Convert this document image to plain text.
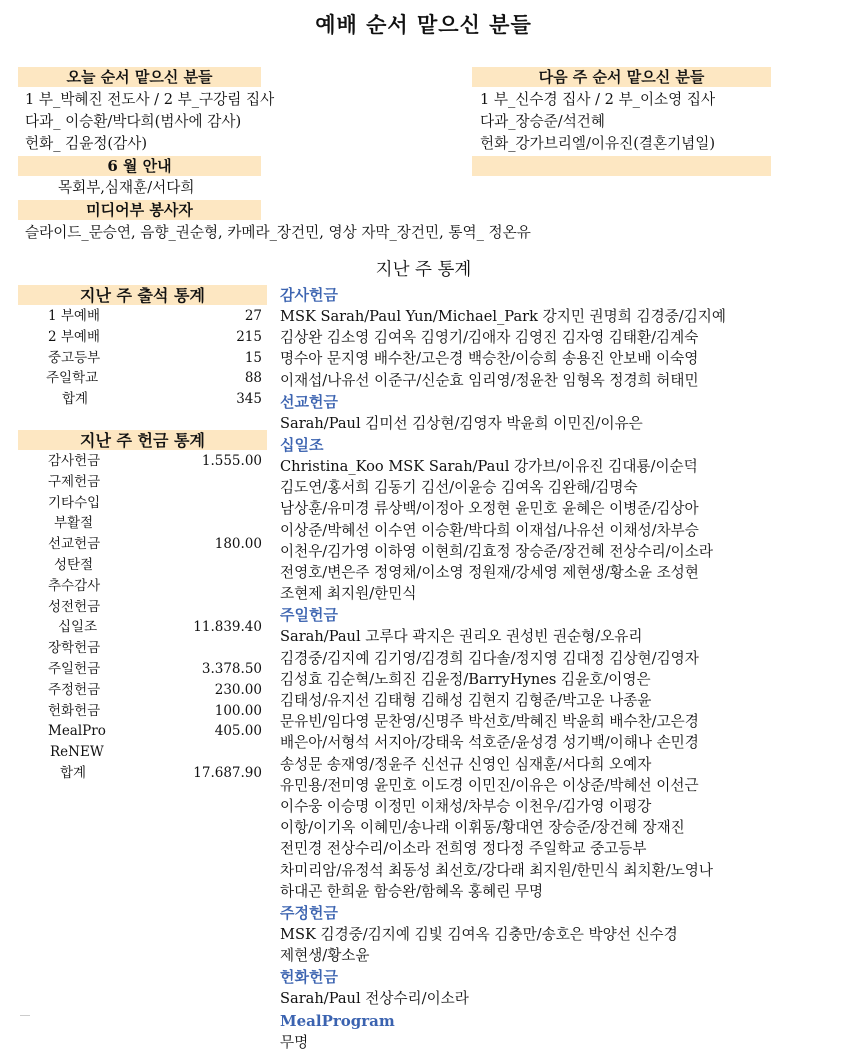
예배 순서 맡으신 분들
오늘 순서 맡으신 분들
1 부_박혜진 전도사 / 2 부_구강림 집사
다과_ 이승환/박다희(범사에 감사)
헌화_ 김윤정(감사)
다음 주 순서 맡으신 분들
1 부_신수경 집사 / 2 부_이소영 집사
다과_장승준/석건혜
헌화_강가브리엘/이유진(결혼기념일)
6 월 안내
목회부,심재훈/서다희
미디어부 봉사자
슬라이드_문승연, 음향_권순형, 카메라_장건민, 영상 자막_장건민, 통역_ 정온유
지난 주 통계
지난 주 출석 통계
1 부예배	27
2 부예배	215
중고등부	15
주일학교	88
합계	345
지난 주 헌금 통계
감사헌금	1.555.00
구제헌금
기타수입
부활절
선교헌금	180.00
성탄절
추수감사
성전헌금
십일조	11.839.40
장학헌금
주일헌금	3.378.50
주정헌금	230.00
헌화헌금	100.00
MealPro	405.00
ReNEW
합계	17.687.90
감사헌금
MSK Sarah/Paul Yun/Michael_Park 강지민 권명희 김경중/김지예
김상완 김소영 김여옥 김영기/김애자 김영진 김자영 김태환/김계숙
명수아 문지영 배수찬/고은경 백승찬/이승희 송용진 안보배 이숙영
이재섭/나유선 이준구/신순효 임리영/정윤찬 임형옥 정경희 허태민
선교헌금
Sarah/Paul 김미선 김상현/김영자 박윤희 이민진/이유은
십일조
Christina_Koo MSK Sarah/Paul 강가브/이유진 김대룡/이순덕
김도연/홍서희 김동기 김선/이윤승 김여옥 김완해/김명숙
남상훈/유미경 류상백/이정아 오정현 윤민호 윤혜은 이병준/김상아
이상준/박혜선 이수연 이승환/박다희 이재섭/나유선 이채성/차부승
이천우/김가영 이하영 이현희/김효정 장승준/장건혜 전상수리/이소라
전영호/변은주 정영채/이소영 정원재/강세영 제현생/황소윤 조성현
조현제 최지원/한민식
주일헌금
Sarah/Paul 고루다 곽지은 권리오 권성빈 권순형/오유리
김경중/김지예 김기영/김경희 김다솔/정지영 김대정 김상현/김영자
김성효 김순혁/노희진 김윤정/BarryHynes 김윤호/이영은
김태성/유지선 김태형 김해성 김현지 김형준/박고운 나종윤
문유빈/임다영 문찬영/신명주 박선호/박혜진 박윤희 배수찬/고은경
배은아/서형석 서지아/강태욱 석호준/윤성경 성기백/이해나 손민경
송성문 송재영/정윤주 신선규 신영인 심재훈/서다희 오예자
유민용/전미영 윤민호 이도경 이민진/이유은 이상준/박혜선 이선근
이수웅 이승명 이정민 이채성/차부승 이천우/김가영 이평강
이항/이기옥 이혜민/송나래 이휘동/황대연 장승준/장건혜 장재진
전민경 전상수리/이소라 전희영 정다정 주일학교 중고등부
차미리암/유정석 최동성 최선호/강다래 최지원/한민식 최치환/노영나
하대곤 한희윤 함승완/함혜옥 홍혜린 무명
주정헌금
MSK 김경중/김지예 김빛 김여옥 김충만/송호은 박양선 신수경
제현생/황소윤
헌화헌금
Sarah/Paul 전상수리/이소라
MealProgram
무명
